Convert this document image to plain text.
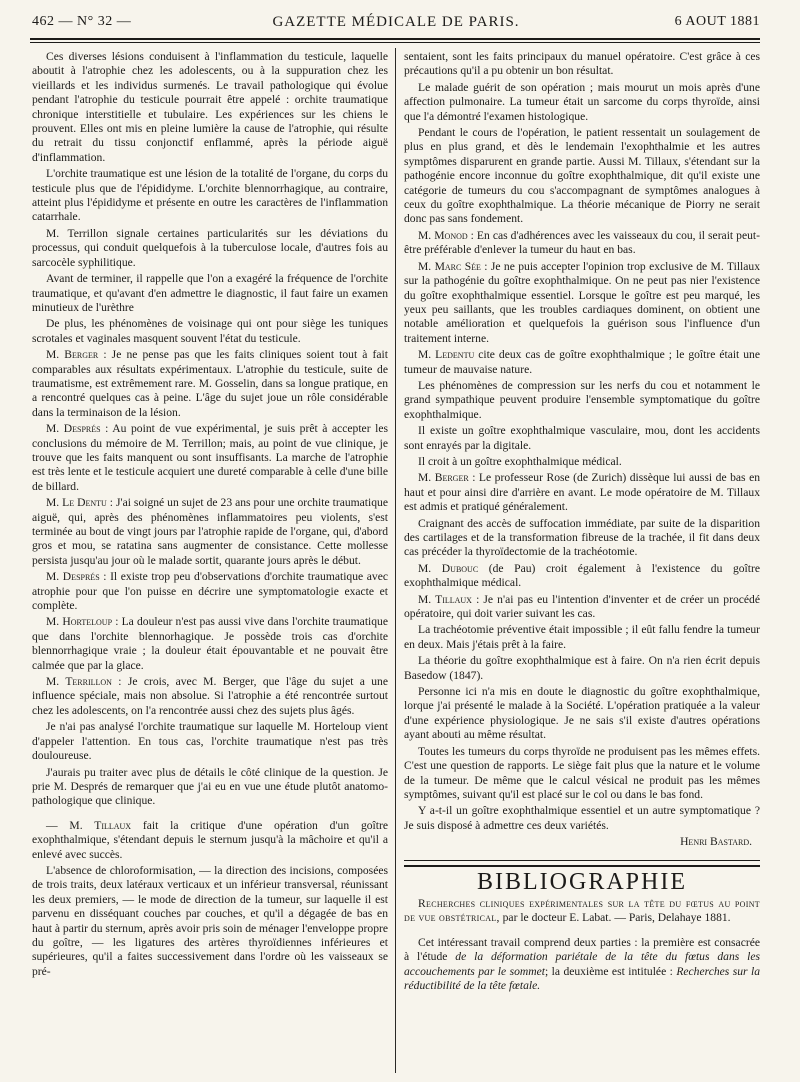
462 — N° 32 —	GAZETTE MÉDICALE DE PARIS.	6 AOUT 1881

Ces diverses lésions conduisent à l'inflammation du testicule, laquelle aboutit à l'atrophie chez les adolescents, ou à la suppuration chez les vieillards et les individus surmenés. Le travail pathologique qui évolue pendant l'atrophie du testicule pourrait être appelé : orchite traumatique chronique interstitielle et tubulaire. Les expériences sur les chiens le prouvent. Elles ont mis en pleine lumière la cause de l'atrophie, qui résulte du retrait du tissu conjonctif enflammé, après la période aiguë d'inflammation.

L'orchite traumatique est une lésion de la totalité de l'organe, du corps du testicule plus que de l'épididyme. L'orchite blennorrhagique, au contraire, atteint plus l'épididyme et présente en outre les caractères de l'inflammation catarrhale.

M. Terrillon signale certaines particularités sur les déviations du processus, qui conduit quelquefois à la tuberculose locale, d'autres fois au sarcocèle syphilitique.

Avant de terminer, il rappelle que l'on a exagéré la fréquence de l'orchite traumatique, et qu'avant d'en admettre le diagnostic, il faut faire un examen minutieux de l'urèthre

De plus, les phénomènes de voisinage qui ont pour siège les tuniques scrotales et vaginales masquent souvent l'état du testicule.

M. Berger : Je ne pense pas que les faits cliniques soient tout à fait comparables aux résultats expérimentaux. L'atrophie du testicule, suite de traumatisme, est extrêmement rare. M. Gosselin, dans sa longue pratique, en a rencontré quelques cas à peine. L'âge du sujet joue un rôle considérable dans la terminaison de la lésion.

M. Després : Au point de vue expérimental, je suis prêt à accepter les conclusions du mémoire de M. Terrillon; mais, au point de vue clinique, je trouve que les faits manquent ou sont insuffisants. La marche de l'atrophie est très lente et le testicule acquiert une dureté comparable à celle d'une bille de billard.

M. Le Dentu : J'ai soigné un sujet de 23 ans pour une orchite traumatique aiguë, qui, après des phénomènes inflammatoires peu violents, s'est terminée au bout de vingt jours par l'atrophie rapide de l'organe, qui, d'abord gros et mou, se ratatina sans augmenter de consistance. Cette mollesse persista jusqu'au jour où le malade sortit, quarante jours après le début.

M. Després : Il existe trop peu d'observations d'orchite traumatique avec atrophie pour que l'on puisse en décrire une symptomatologie exacte et complète.

M. Horteloup : La douleur n'est pas aussi vive dans l'orchite traumatique que dans l'orchite blennorhagique. Je possède trois cas d'orchite blennorrhagique vraie ; la douleur était épouvantable et ne pouvait être calmée que par la glace.

M. Terrillon : Je crois, avec M. Berger, que l'âge du sujet a une influence spéciale, mais non absolue. Si l'atrophie a été rencontrée surtout chez les adolescents, on l'a rencontrée aussi chez des sujets plus âgés.

Je n'ai pas analysé l'orchite traumatique sur laquelle M. Horteloup vient d'appeler l'attention. En tous cas, l'orchite traumatique n'est pas très douloureuse.

J'aurais pu traiter avec plus de détails le côté clinique de la question. Je prie M. Després de remarquer que j'ai eu en vue une étude plutôt anatomo-pathologique que clinique.

— M. Tillaux fait la critique d'une opération d'un goître exophthalmique, s'étendant depuis le sternum jusqu'à la mâchoire et qu'il a enlevé avec succès.

L'absence de chloroformisation, — la direction des incisions, composées de trois traits, deux latéraux verticaux et un inférieur transversal, réunissant les deux premiers, — le mode de direction de la tumeur, sur laquelle il est parvenu en disséquant couches par couches, et qu'il a dégagée de bas en haut à partir du sternum, après avoir pris soin de ménager l'enveloppe propre du goître, — les ligatures des artères thyroïdiennes inférieures et supérieures, qu'il a faites successivement dans l'ordre où les vaisseaux se pré-

sentaient, sont les faits principaux du manuel opératoire. C'est grâce à ces précautions qu'il a pu obtenir un bon résultat.

Le malade guérit de son opération ; mais mourut un mois après d'une affection pulmonaire. La tumeur était un sarcome du corps thyroïde, ainsi que l'a démontré l'examen histologique.

Pendant le cours de l'opération, le patient ressentait un soulagement de plus en plus grand, et dès le lendemain l'exophthalmie et les autres symptômes disparurent en grande partie. Aussi M. Tillaux, s'étendant sur la pathogénie encore inconnue du goître exophthalmique, dit qu'il existe une catégorie de tumeurs du cou s'accompagnant de symptômes analogues à ceux du goître exophthalmique. La théorie mécanique de Piorry ne serait donc pas sans fondement.

M. Monod : En cas d'adhérences avec les vaisseaux du cou, il serait peut-être préférable d'enlever la tumeur du haut en bas.

M. Marc Sée : Je ne puis accepter l'opinion trop exclusive de M. Tillaux sur la pathogénie du goître exophthalmique. On ne peut pas nier l'existence du goître exophthalmique essentiel. Lorsque le goître est peu marqué, les yeux peu saillants, que les troubles cardiaques dominent, on obtient une notable amélioration et quelquefois la guérison sous l'influence d'un traitement interne.

M. Ledentu cite deux cas de goître exophthalmique ; le goître était une tumeur de mauvaise nature.

Les phénomènes de compression sur les nerfs du cou et notamment le grand sympathique peuvent produire l'ensemble symptomatique du goître exophthalmique.

Il existe un goître exophthalmique vasculaire, mou, dont les accidents sont enrayés par la digitale.

Il croit à un goître exophthalmique médical.

M. Berger : Le professeur Rose (de Zurich) dissèque lui aussi de bas en haut et pour ainsi dire d'arrière en avant. Le mode opératoire de M. Tillaux est admis et pratiqué généralement.

Craignant des accès de suffocation immédiate, par suite de la disparition des cartilages et de la transformation fibreuse de la trachée, il fit dans deux cas précéder la thyroïdectomie de la trachéotomie.

M. Dubouc (de Pau) croit également à l'existence du goître exophthalmique médical.

M. Tillaux : Je n'ai pas eu l'intention d'inventer et de créer un procédé opératoire, qui doit varier suivant les cas.

La trachéotomie préventive était impossible ; il eût fallu fendre la tumeur en deux. Mais j'étais prêt à la faire.

La théorie du goître exophthalmique est à faire. On n'a rien écrit depuis Basedow (1847).

Personne ici n'a mis en doute le diagnostic du goître exophthalmique, lorque j'ai présenté le malade à la Société. L'opération pratiquée a la valeur d'une expérience physiologique. Je ne sais s'il existe d'autres opérations ayant abouti au même résultat.

Toutes les tumeurs du corps thyroïde ne produisent pas les mêmes effets. C'est une question de rapports. Le siège fait plus que la nature et le volume de la tumeur. De même que le calcul vésical ne produit pas les mêmes symptômes, suivant qu'il est placé sur le col ou dans le bas fond.

Y a-t-il un goître exophthalmique essentiel et un autre symptomatique ? Je suis disposé à admettre ces deux variétés.

Henri Bastard.
BIBLIOGRAPHIE

Recherches cliniques expérimentales sur la tête du fœtus au point de vue obstétrical, par le docteur E. Labat. — Paris, Delahaye 1881.

Cet intéressant travail comprend deux parties : la première est consacrée à l'étude de la déformation pariétale de la tête du fœtus dans les accouchements par le sommet; la deuxième est intitulée : Recherches sur la réductibilité de la tête fœtale.
